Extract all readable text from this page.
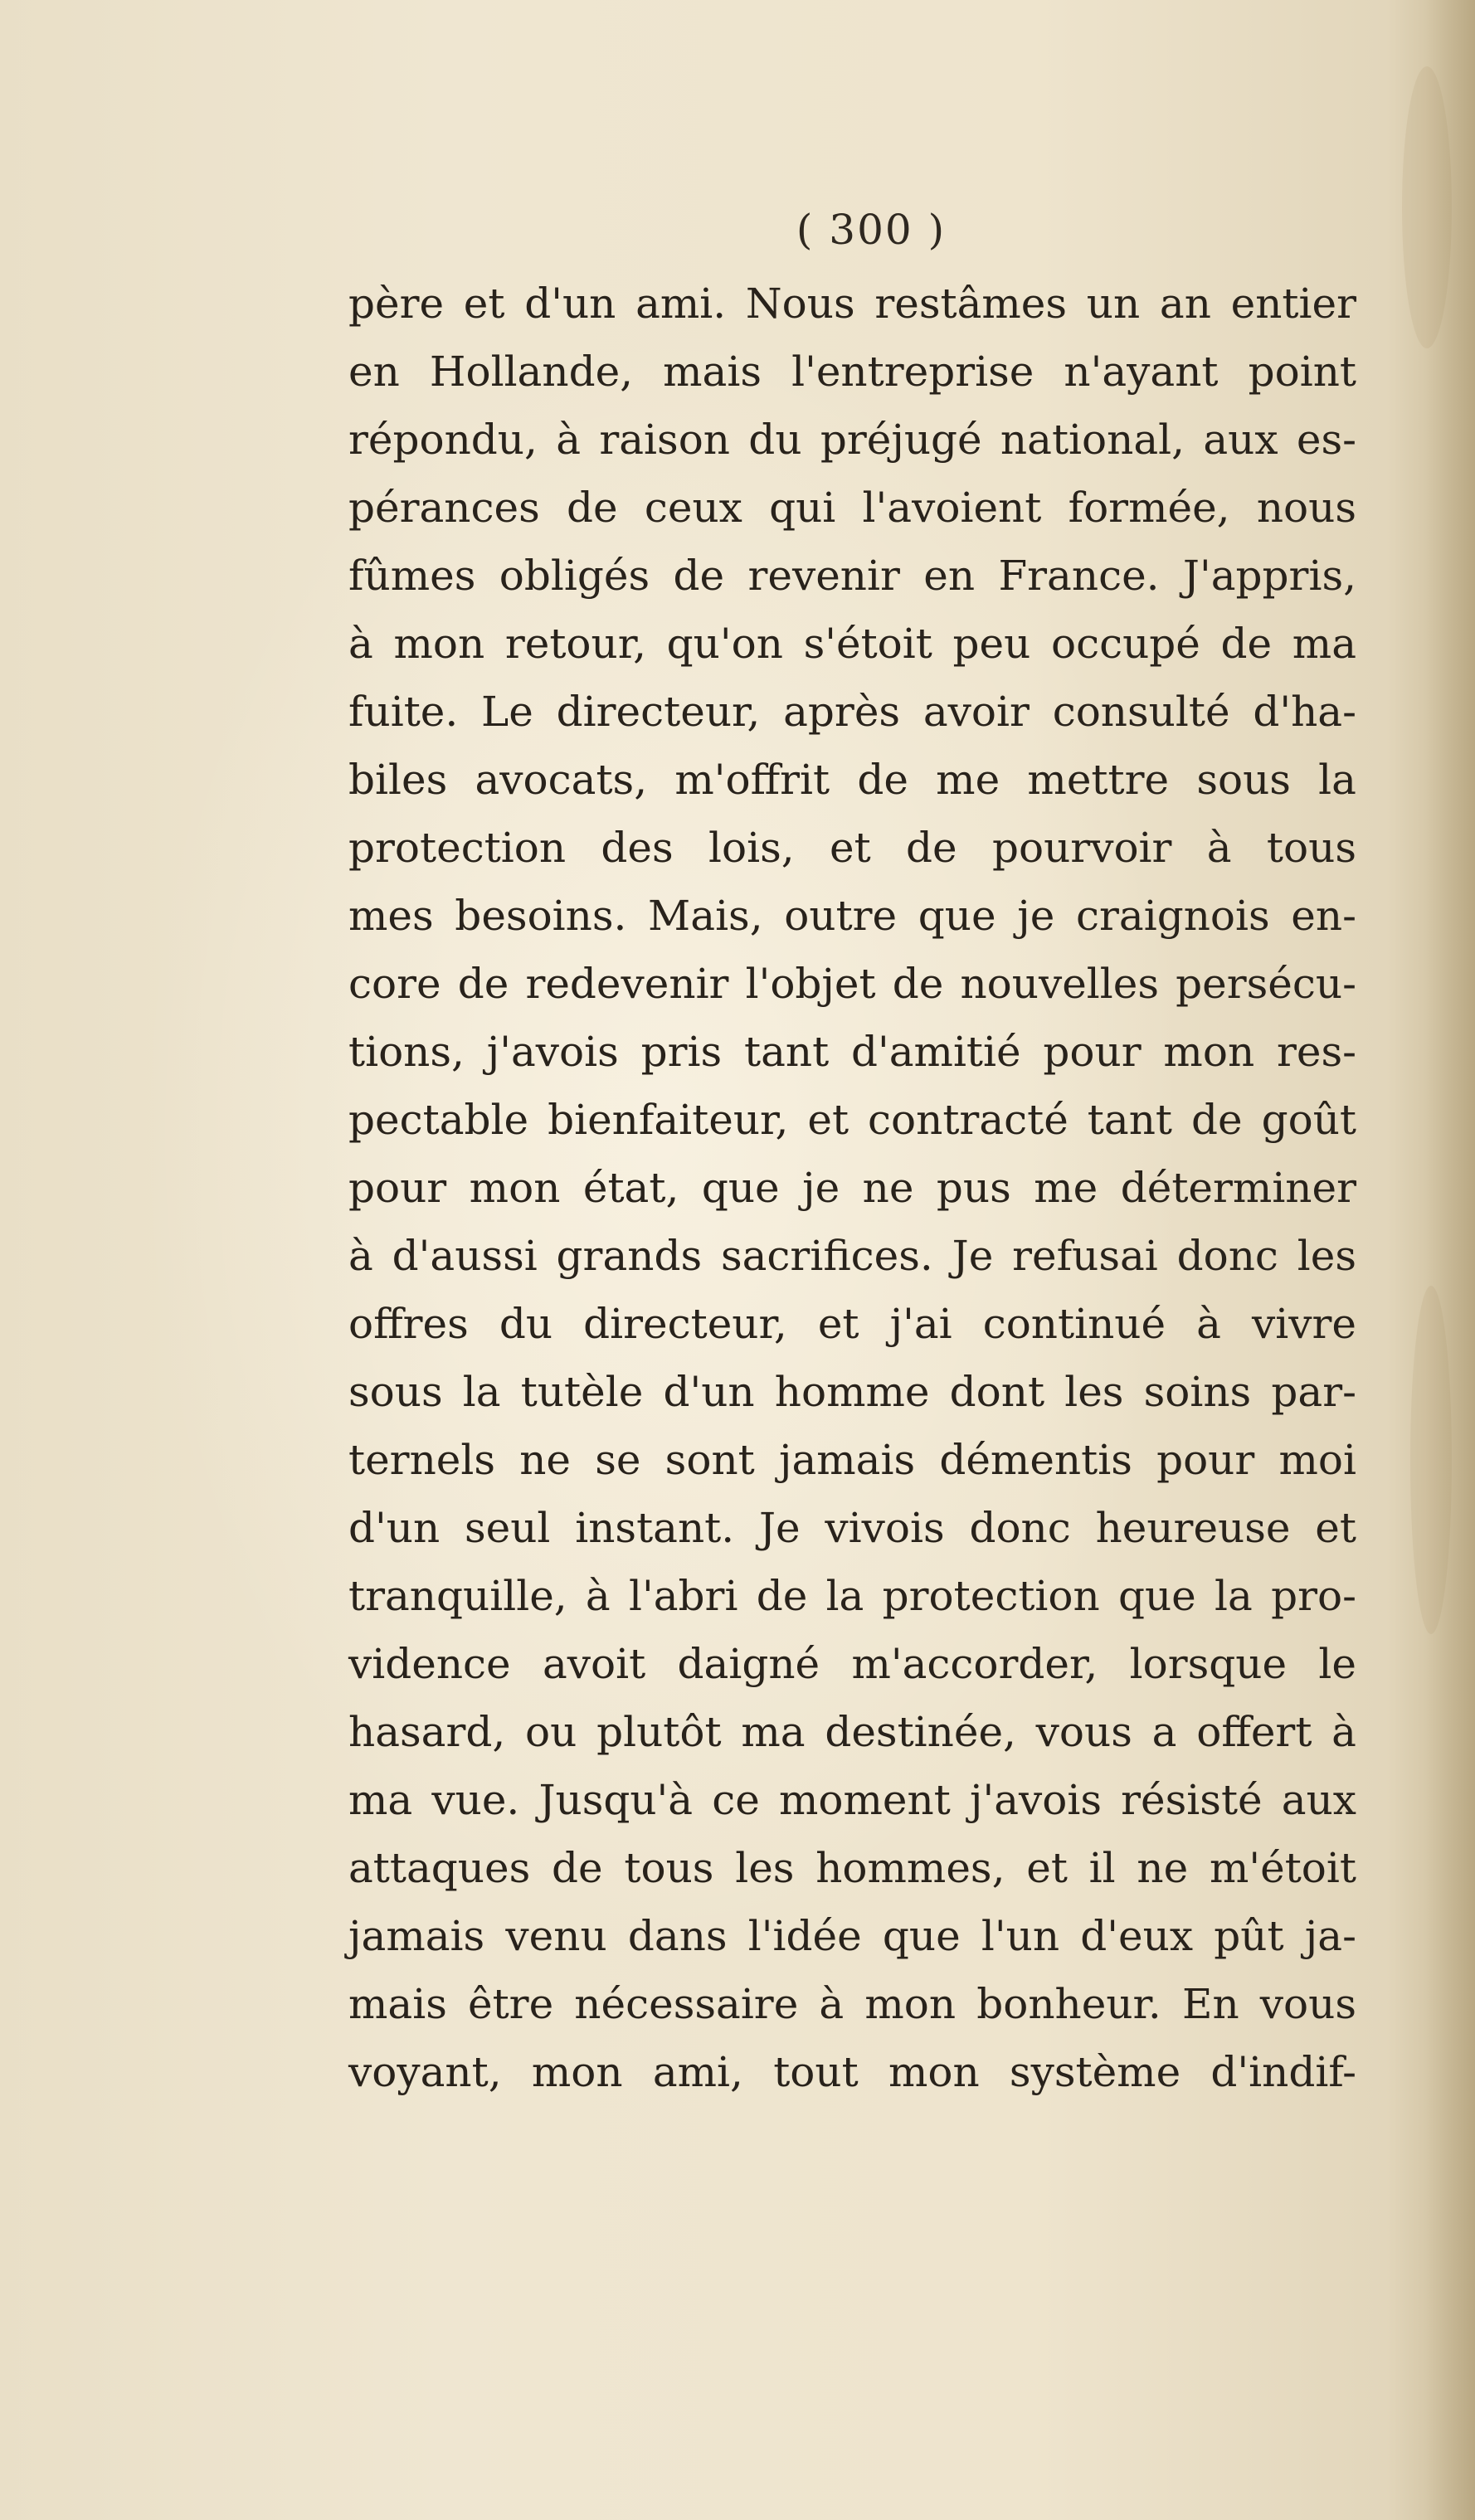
( 300 )
père et d'un ami. Nous restâmes un an entier
en Hollande, mais l'entreprise n'ayant point
répondu, à raison du préjugé national, aux es-
pérances de ceux qui l'avoient formée, nous
fûmes obligés de revenir en France. J'appris,
à mon retour, qu'on s'étoit peu occupé de ma
fuite. Le directeur, après avoir consulté d'ha-
biles avocats, m'offrit de me mettre sous la
protection des lois, et de pourvoir à tous
mes besoins. Mais, outre que je craignois en-
core de redevenir l'objet de nouvelles persécu-
tions, j'avois pris tant d'amitié pour mon res-
pectable bienfaiteur, et contracté tant de goût
pour mon état, que je ne pus me déterminer
à d'aussi grands sacrifices. Je refusai donc les
offres du directeur, et j'ai continué à vivre
sous la tutèle d'un homme dont les soins par-
ternels ne se sont jamais démentis pour moi
d'un seul instant. Je vivois donc heureuse et
tranquille, à l'abri de la protection que la pro-
vidence avoit daigné m'accorder, lorsque le
hasard, ou plutôt ma destinée, vous a offert à
ma vue. Jusqu'à ce moment j'avois résisté aux
attaques de tous les hommes, et il ne m'étoit
jamais venu dans l'idée que l'un d'eux pût ja-
mais être nécessaire à mon bonheur. En vous
voyant, mon ami, tout mon système d'indif-
